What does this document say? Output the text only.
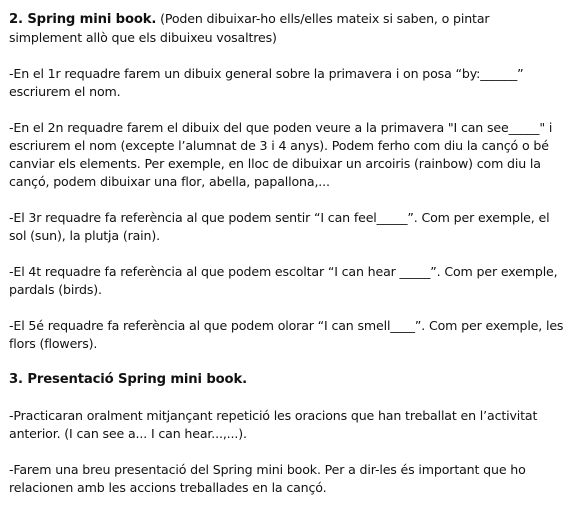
2. Spring mini book. (Poden dibuixar-ho ells/elles mateix si saben, o pintar simplement allò que els dibuixeu vosaltres)

-En el 1r requadre farem un dibuix general sobre la primavera i on posa “by:______” escriurem el nom.

-En el 2n requadre farem el dibuix del que poden veure a la primavera "I can see_____" i escriurem el nom (excepte l’alumnat de 3 i 4 anys). Podem ferho com diu la cançó o bé canviar els elements. Per exemple, en lloc de dibuixar un arcoiris (rainbow) com diu la cançó, podem dibuixar una flor, abella, papallona,...

-El 3r requadre fa referència al que podem sentir “I can feel_____”. Com per exemple, el sol (sun), la plutja (rain).

-El 4t requadre fa referència al que podem escoltar “I can hear _____”. Com per exemple, pardals (birds).

-El 5é requadre fa referència al que podem olorar “I can smell____”. Com per exemple, les flors (flowers).

3. Presentació Spring mini book.

-Practicaran oralment mitjançant repetició les oracions que han treballat en l’activitat anterior. (I can see a... I can hear...,...).

-Farem una breu presentació del Spring mini book. Per a dir-les és important que ho relacionen amb les accions treballades en la cançó.
